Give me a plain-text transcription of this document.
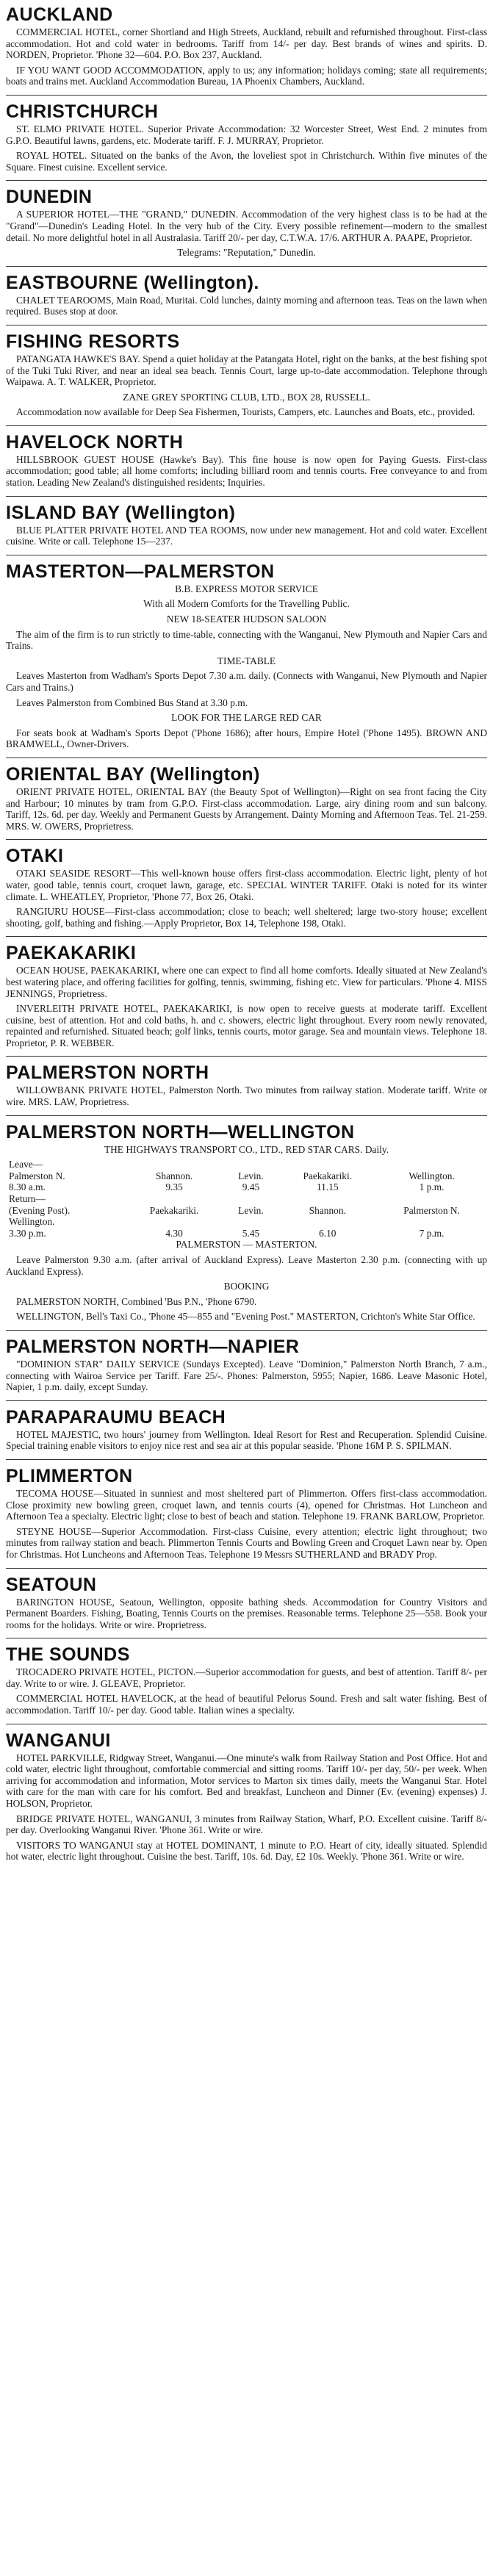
AUCKLAND

COMMERCIAL HOTEL, corner Shortland and High Streets, Auckland, rebuilt and refurnished throughout. First-class accommodation. Hot and cold water in bedrooms. Tariff from 14/- per day. Best brands of wines and spirits. D. NORDEN, Proprietor. 'Phone 32—604. P.O. Box 237, Auckland.

IF YOU WANT GOOD ACCOMMODATION, apply to us; any information; holidays coming; state all requirements; boats and trains met. Auckland Accommodation Bureau, 1A Phoenix Chambers, Auckland.

CHRISTCHURCH

ST. ELMO PRIVATE HOTEL. Superior Private Accommodation: 32 Worcester Street, West End. 2 minutes from G.P.O. Beautiful lawns, gardens, etc. Moderate tariff. F. J. MURRAY, Proprietor.

ROYAL HOTEL. Situated on the banks of the Avon, the loveliest spot in Christchurch. Within five minutes of the Square. Finest cuisine. Excellent service.

DUNEDIN

A SUPERIOR HOTEL—THE "GRAND," DUNEDIN. Accommodation of the very highest class is to be had at the "Grand"—Dunedin's Leading Hotel. In the very hub of the City. Every possible refinement—modern to the smallest detail. No more delightful hotel in all Australasia. Tariff 20/- per day, C.T.W.A. 17/6. ARTHUR A. PAAPE, Proprietor.

Telegrams: "Reputation," Dunedin.

EASTBOURNE (Wellington).

CHALET TEAROOMS, Main Road, Muritai. Cold lunches, dainty morning and afternoon teas. Teas on the lawn when required. Buses stop at door.

FISHING RESORTS

PATANGATA HAWKE'S BAY. Spend a quiet holiday at the Patangata Hotel, right on the banks, at the best fishing spot of the Tuki Tuki River, and near an ideal sea beach. Tennis Court, large up-to-date accommodation. Telephone through Waipawa. A. T. WALKER, Proprietor.

ZANE GREY SPORTING CLUB, LTD., BOX 28, RUSSELL.

Accommodation now available for Deep Sea Fishermen, Tourists, Campers, etc. Launches and Boats, etc., provided.

HAVELOCK NORTH

HILLSBROOK GUEST HOUSE (Hawke's Bay). This fine house is now open for Paying Guests. First-class accommodation; good table; all home comforts; including billiard room and tennis courts. Free conveyance to and from station. Leading New Zealand's distinguished residents; Inquiries.

ISLAND BAY (Wellington)

BLUE PLATTER PRIVATE HOTEL AND TEA ROOMS, now under new management. Hot and cold water. Excellent cuisine. Write or call. Telephone 15—237.

MASTERTON—PALMERSTON

B.B. EXPRESS MOTOR SERVICE

With all Modern Comforts for the Travelling Public.

NEW 18-SEATER HUDSON SALOON

The aim of the firm is to run strictly to time-table, connecting with the Wanganui, New Plymouth and Napier Cars and Trains.

TIME-TABLE

Leaves Masterton from Wadham's Sports Depot 7.30 a.m. daily. (Connects with Wanganui, New Plymouth and Napier Cars and Trains.)

Leaves Palmerston from Combined Bus Stand at 3.30 p.m.

LOOK FOR THE LARGE RED CAR

For seats book at Wadham's Sports Depot ('Phone 1686); after hours, Empire Hotel ('Phone 1495). BROWN AND BRAMWELL, Owner-Drivers.

ORIENTAL BAY (Wellington)

ORIENT PRIVATE HOTEL, ORIENTAL BAY (the Beauty Spot of Wellington)—Right on sea front facing the City and Harbour; 10 minutes by tram from G.P.O. First-class accommodation. Large, airy dining room and sun balcony. Tariff, 12s. 6d. per day. Weekly and Permanent Guests by Arrangement. Dainty Morning and Afternoon Teas. Tel. 21-259. MRS. W. OWERS, Proprietress.

OTAKI

OTAKI SEASIDE RESORT—This well-known house offers first-class accommodation. Electric light, plenty of hot water, good table, tennis court, croquet lawn, garage, etc. SPECIAL WINTER TARIFF. Otaki is noted for its winter climate. L. WHEATLEY, Proprietor, 'Phone 77, Box 26, Otaki.

RANGIURU HOUSE—First-class accommodation; close to beach; well sheltered; large two-story house; excellent shooting, golf, bathing and fishing.—Apply Proprietor, Box 14, Telephone 198, Otaki.

PAEKAKARIKI

OCEAN HOUSE, PAEKAKARIKI, where one can expect to find all home comforts. Ideally situated at New Zealand's best watering place, and offering facilities for golfing, tennis, swimming, fishing etc. View for particulars. 'Phone 4. MISS JENNINGS, Proprietress.

INVERLEITH PRIVATE HOTEL, PAEKAKARIKI, is now open to receive guests at moderate tariff. Excellent cuisine, best of attention. Hot and cold baths, h. and c. showers, electric light throughout. Every room newly renovated, repainted and refurnished. Situated beach; golf links, tennis courts, motor garage. Sea and mountain views. Telephone 18. Proprietor, P. R. WEBBER.

PALMERSTON NORTH

WILLOWBANK PRIVATE HOTEL, Palmerston North. Two minutes from railway station. Moderate tariff. Write or wire. MRS. LAW, Proprietress.

PALMERSTON NORTH—WELLINGTON

THE HIGHWAYS TRANSPORT CO., LTD., RED STAR CARS. Daily.

Leave—				
Palmerston N.	Shannon.	Levin.	Paekakariki.	Wellington.
8.30 a.m.	9.35	9.45	11.15	1 p.m.
Return—				
(Evening Post).	Paekakariki.	Levin.	Shannon.	Palmerston N.
Wellington.				
3.30 p.m.	4.30	5.45	6.10	7 p.m.

PALMERSTON — MASTERTON.

Leave Palmerston 9.30 a.m. (after arrival of Auckland Express). Leave Masterton 2.30 p.m. (connecting with up Auckland Express).

BOOKING

PALMERSTON NORTH, Combined 'Bus P.N., 'Phone 6790.

WELLINGTON, Bell's Taxi Co., 'Phone 45—855 and "Evening Post." MASTERTON, Crichton's White Star Office.

PALMERSTON NORTH—NAPIER

"DOMINION STAR" DAILY SERVICE (Sundays Excepted). Leave "Dominion," Palmerston North Branch, 7 a.m., connecting with Wairoa Service per Tariff. Fare 25/-. Phones: Palmerston, 5955; Napier, 1686. Leave Masonic Hotel, Napier, 1 p.m. daily, except Sunday.

PARAPARAUMU BEACH

HOTEL MAJESTIC, two hours' journey from Wellington. Ideal Resort for Rest and Recuperation. Splendid Cuisine. Special training enable visitors to enjoy nice rest and sea air at this popular seaside. 'Phone 16M P. S. SPILMAN.

PLIMMERTON

TECOMA HOUSE—Situated in sunniest and most sheltered part of Plimmerton. Offers first-class accommodation. Close proximity new bowling green, croquet lawn, and tennis courts (4), opened for Christmas. Hot Luncheon and Afternoon Tea a specialty. Electric light; close to best of beach and station. Telephone 19. FRANK BARLOW, Proprietor.

STEYNE HOUSE—Superior Accommodation. First-class Cuisine, every attention; electric light throughout; two minutes from railway station and beach. Plimmerton Tennis Courts and Bowling Green and Croquet Lawn near by. Open for Christmas. Hot Luncheons and Afternoon Teas. Telephone 19 Messrs SUTHERLAND and BRADY Prop.

SEATOUN

BARINGTON HOUSE, Seatoun, Wellington, opposite bathing sheds. Accommodation for Country Visitors and Permanent Boarders. Fishing, Boating, Tennis Courts on the premises. Reasonable terms. Telephone 25—558. Book your rooms for the holidays. Write or wire. Proprietress.

THE SOUNDS

TROCADERO PRIVATE HOTEL, PICTON.—Superior accommodation for guests, and best of attention. Tariff 8/- per day. Write to or wire. J. GLEAVE, Proprietor.

COMMERCIAL HOTEL HAVELOCK, at the head of beautiful Pelorus Sound. Fresh and salt water fishing. Best of accommodation. Tariff 10/- per day. Good table. Italian wines a specialty.

WANGANUI

HOTEL PARKVILLE, Ridgway Street, Wanganui.—One minute's walk from Railway Station and Post Office. Hot and cold water, electric light throughout, comfortable commercial and sitting rooms. Tariff 10/- per day, 50/- per week. When arriving for accommodation and information, Motor services to Marton six times daily, meets the Wanganui Star. Hotel with care for the man with care for his comfort. Bed and breakfast, Luncheon and Dinner (Ev. (evening) expenses) J. HOLSON, Proprietor.

BRIDGE PRIVATE HOTEL, WANGANUI, 3 minutes from Railway Station, Wharf, P.O. Excellent cuisine. Tariff 8/- per day. Overlooking Wanganui River. 'Phone 361. Write or wire.

VISITORS TO WANGANUI stay at HOTEL DOMINANT, 1 minute to P.O. Heart of city, ideally situated. Splendid hot water, electric light throughout. Cuisine the best. Tariff, 10s. 6d. Day, £2 10s. Weekly. 'Phone 361. Write or wire.
